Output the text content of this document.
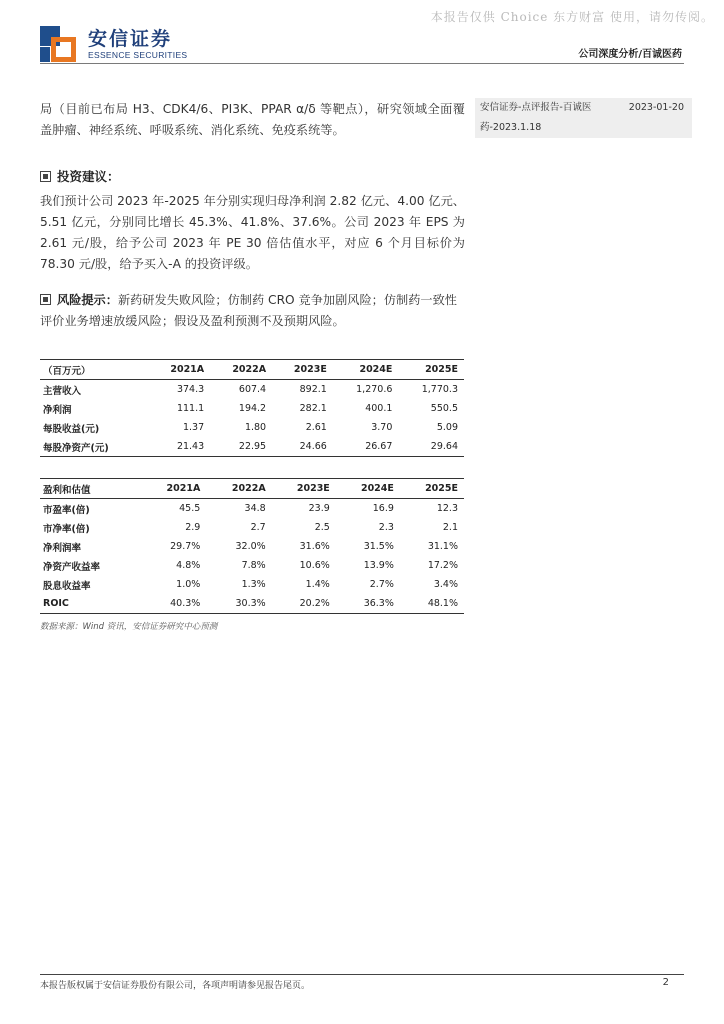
本报告仅供 Choice 东方财富 使用，请勿传阅。
安信证券
ESSENCE SECURITIES	公司深度分析/百诚医药
局（目前已布局 H3、CDK4/6、PI3K、PPAR α/δ 等靶点），研究领域全面覆盖肿瘤、神经系统、呼吸系统、消化系统、免疫系统等。
安信证券-点评报告-百诚医	2023-01-20
药-2023.1.18
投资建议：
我们预计公司 2023 年-2025 年分别实现归母净利润 2.82 亿元、4.00 亿元、5.51 亿元，分别同比增长 45.3%、41.8%、37.6%。公司 2023 年 EPS 为 2.61 元/股，给予公司 2023 年 PE 30 倍估值水平，对应 6 个月目标价为 78.30 元/股，给予买入-A 的投资评级。
风险提示：新药研发失败风险；仿制药 CRO 竞争加剧风险；仿制药一致性评价业务增速放缓风险；假设及盈利预测不及预期风险。
（百万元）	2021A	2022A	2023E	2024E	2025E
主营收入	374.3	607.4	892.1	1,270.6	1,770.3
净利润	111.1	194.2	282.1	400.1	550.5
每股收益(元)	1.37	1.80	2.61	3.70	5.09
每股净资产(元)	21.43	22.95	24.66	26.67	29.64
盈利和估值	2021A	2022A	2023E	2024E	2025E
市盈率(倍)	45.5	34.8	23.9	16.9	12.3
市净率(倍)	2.9	2.7	2.5	2.3	2.1
净利润率	29.7%	32.0%	31.6%	31.5%	31.1%
净资产收益率	4.8%	7.8%	10.6%	13.9%	17.2%
股息收益率	1.0%	1.3%	1.4%	2.7%	3.4%
ROIC	40.3%	30.3%	20.2%	36.3%	48.1%
数据来源：Wind 资讯，安信证券研究中心预测
本报告版权属于安信证券股份有限公司，各项声明请参见报告尾页。	2
